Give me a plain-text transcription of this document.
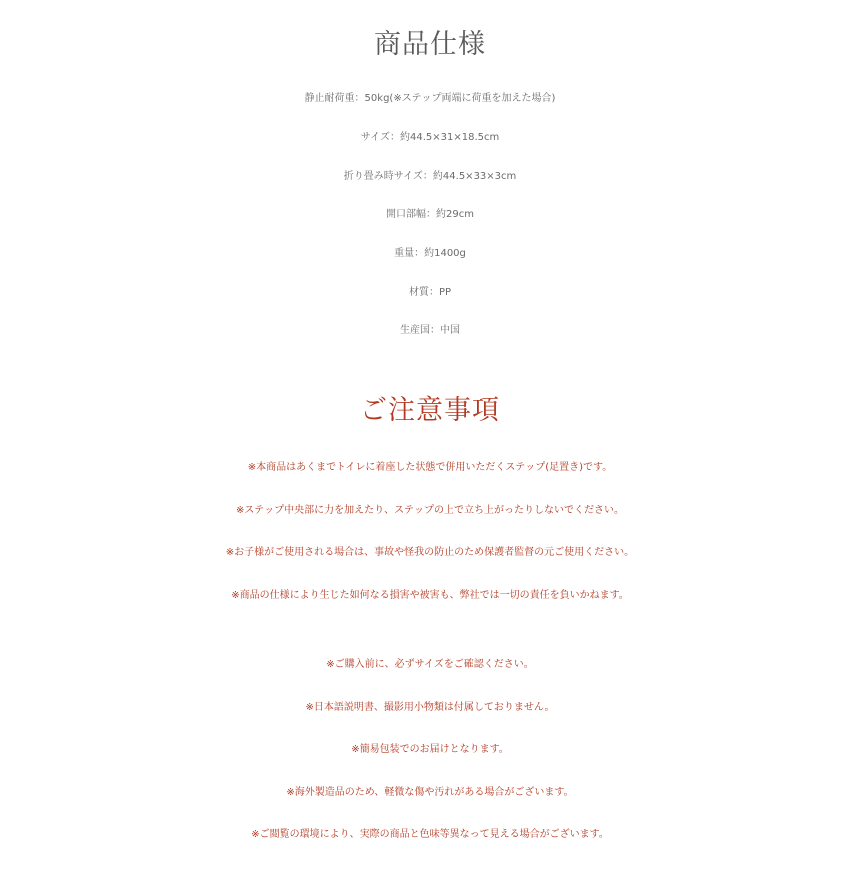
商品仕様
静止耐荷重：50kg(※ステップ両端に荷重を加えた場合)
サイズ：約44.5×31×18.5cm
折り畳み時サイズ：約44.5×33×3cm
開口部幅：約29cm
重量：約1400g
材質：PP
生産国：中国
ご注意事項
※本商品はあくまでトイレに着座した状態で併用いただくステップ(足置き)です。
※ステップ中央部に力を加えたり、ステップの上で立ち上がったりしないでください。
※お子様がご使用される場合は、事故や怪我の防止のため保護者監督の元ご使用ください。
※商品の仕様により生じた如何なる損害や被害も、弊社では一切の責任を負いかねます。
※ご購入前に、必ずサイズをご確認ください。
※日本語説明書、撮影用小物類は付属しておりません。
※簡易包装でのお届けとなります。
※海外製造品のため、軽微な傷や汚れがある場合がございます。
※ご閲覧の環境により、実際の商品と色味等異なって見える場合がございます。
